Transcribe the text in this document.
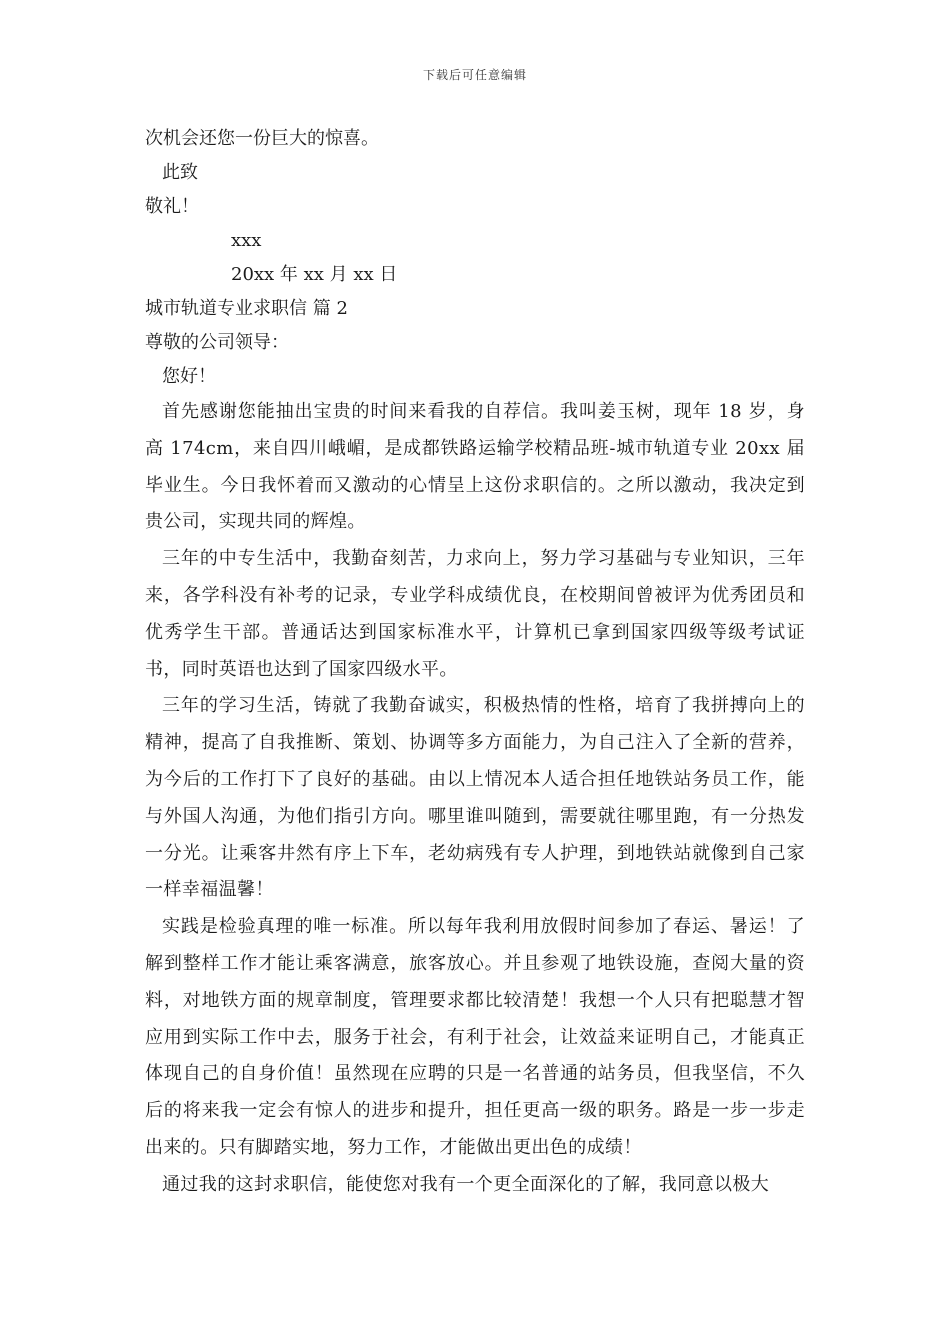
下载后可任意编辑
次机会还您一份巨大的惊喜。
此致
敬礼！
xxx
20xx 年 xx 月 xx 日
城市轨道专业求职信 篇 2
尊敬的公司领导：
您好！

首先感谢您能抽出宝贵的时间来看我的自荐信。我叫姜玉树，现年 18 岁，身高 174cm，来自四川峨嵋，是成都铁路运输学校精品班-城市轨道专业 20xx 届毕业生。今日我怀着而又激动的心情呈上这份求职信的。之所以激动，我决定到贵公司，实现共同的辉煌。

三年的中专生活中，我勤奋刻苦，力求向上，努力学习基础与专业知识，三年来，各学科没有补考的记录，专业学科成绩优良，在校期间曾被评为优秀团员和优秀学生干部。普通话达到国家标准水平，计算机已拿到国家四级等级考试证书，同时英语也达到了国家四级水平。

三年的学习生活，铸就了我勤奋诚实，积极热情的性格，培育了我拼搏向上的精神，提高了自我推断、策划、协调等多方面能力，为自己注入了全新的营养，为今后的工作打下了良好的基础。由以上情况本人适合担任地铁站务员工作，能与外国人沟通，为他们指引方向。哪里谁叫随到，需要就往哪里跑，有一分热发一分光。让乘客井然有序上下车，老幼病残有专人护理，到地铁站就像到自己家一样幸福温馨！

实践是检验真理的唯一标准。所以每年我利用放假时间参加了春运、暑运！了解到整样工作才能让乘客满意，旅客放心。并且参观了地铁设施，查阅大量的资料，对地铁方面的规章制度，管理要求都比较清楚！我想一个人只有把聪慧才智应用到实际工作中去，服务于社会，有利于社会，让效益来证明自己，才能真正体现自己的自身价值！虽然现在应聘的只是一名普通的站务员，但我坚信，不久后的将来我一定会有惊人的进步和提升，担任更高一级的职务。路是一步一步走出来的。只有脚踏实地，努力工作，才能做出更出色的成绩！

通过我的这封求职信，能使您对我有一个更全面深化的了解，我同意以极大
